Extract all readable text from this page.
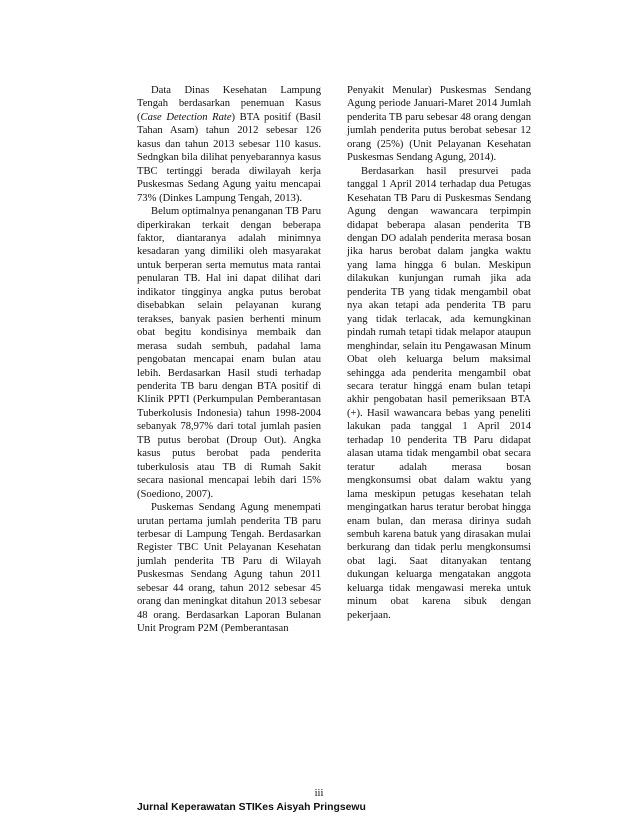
Data Dinas Kesehatan Lampung Tengah berdasarkan penemuan Kasus (Case Detection Rate) BTA positif (Basil Tahan Asam) tahun 2012 sebesar 126 kasus dan tahun 2013 sebesar 110 kasus. Sedngkan bila dilihat penyebarannya kasus TBC tertinggi berada diwilayah kerja Puskesmas Sedang Agung yaitu mencapai 73% (Dinkes Lampung Tengah, 2013).

Belum optimalnya penanganan TB Paru diperkirakan terkait dengan beberapa faktor, diantaranya adalah minimnya kesadaran yang dimiliki oleh masyarakat untuk berperan serta memutus mata rantai penularan TB. Hal ini dapat dilihat dari indikator tingginya angka putus berobat disebabkan selain pelayanan kurang terakses, banyak pasien berhenti minum obat begitu kondisinya membaik dan merasa sudah sembuh, padahal lama pengobatan mencapai enam bulan atau lebih. Berdasarkan Hasil studi terhadap penderita TB baru dengan BTA positif di Klinik PPTI (Perkumpulan Pemberantasan Tuberkolusis Indonesia) tahun 1998-2004 sebanyak 78,97% dari total jumlah pasien TB putus berobat (Droup Out). Angka kasus putus berobat pada penderita tuberkulosis atau TB di Rumah Sakit secara nasional mencapai lebih dari 15% (Soediono, 2007).

Puskemas Sendang Agung menempati urutan pertama jumlah penderita TB paru terbesar di Lampung Tengah. Berdasarkan Register TBC Unit Pelayanan Kesehatan jumlah penderita TB Paru di Wilayah Puskesmas Sendang Agung tahun 2011 sebesar 44 orang, tahun 2012 sebesar 45 orang dan meningkat ditahun 2013 sebesar 48 orang. Berdasarkan Laporan Bulanan Unit Program P2M (Pemberantasan

Penyakit Menular) Puskesmas Sendang Agung periode Januari-Maret 2014 Jumlah penderita TB paru sebesar 48 orang dengan jumlah penderita putus berobat sebesar 12 orang (25%) (Unit Pelayanan Kesehatan Puskesmas Sendang Agung, 2014).

Berdasarkan hasil presurvei pada tanggal 1 April 2014 terhadap dua Petugas Kesehatan TB Paru di Puskesmas Sendang Agung dengan wawancara terpimpin didapat beberapa alasan penderita TB dengan DO adalah penderita merasa bosan jika harus berobat dalam jangka waktu yang lama hingga 6 bulan. Meskipun dilakukan kunjungan rumah jika ada penderita TB yang tidak mengambil obat nya akan tetapi ada penderita TB paru yang tidak terlacak, ada kemungkinan pindah rumah tetapi tidak melapor ataupun menghindar, selain itu Pengawasan Minum Obat oleh keluarga belum maksimal sehingga ada penderita mengambil obat secara teratur hinggá enam bulan tetapi akhir pengobatan hasil pemeriksaan BTA (+). Hasil wawancara bebas yang peneliti lakukan pada tanggal 1 April 2014 terhadap 10 penderita TB Paru didapat alasan utama tidak mengambil obat secara teratur adalah merasa bosan mengkonsumsi obat dalam waktu yang lama meskipun petugas kesehatan telah mengingatkan harus teratur berobat hingga enam bulan, dan merasa dirinya sudah sembuh karena batuk yang dirasakan mulai berkurang dan tidak perlu mengkonsumsi obat lagi. Saat ditanyakan tentang dukungan keluarga mengatakan anggota keluarga tidak mengawasi mereka untuk minum obat karena sibuk dengan pekerjaan.

iii
Jurnal Keperawatan STIKes Aisyah Pringsewu
